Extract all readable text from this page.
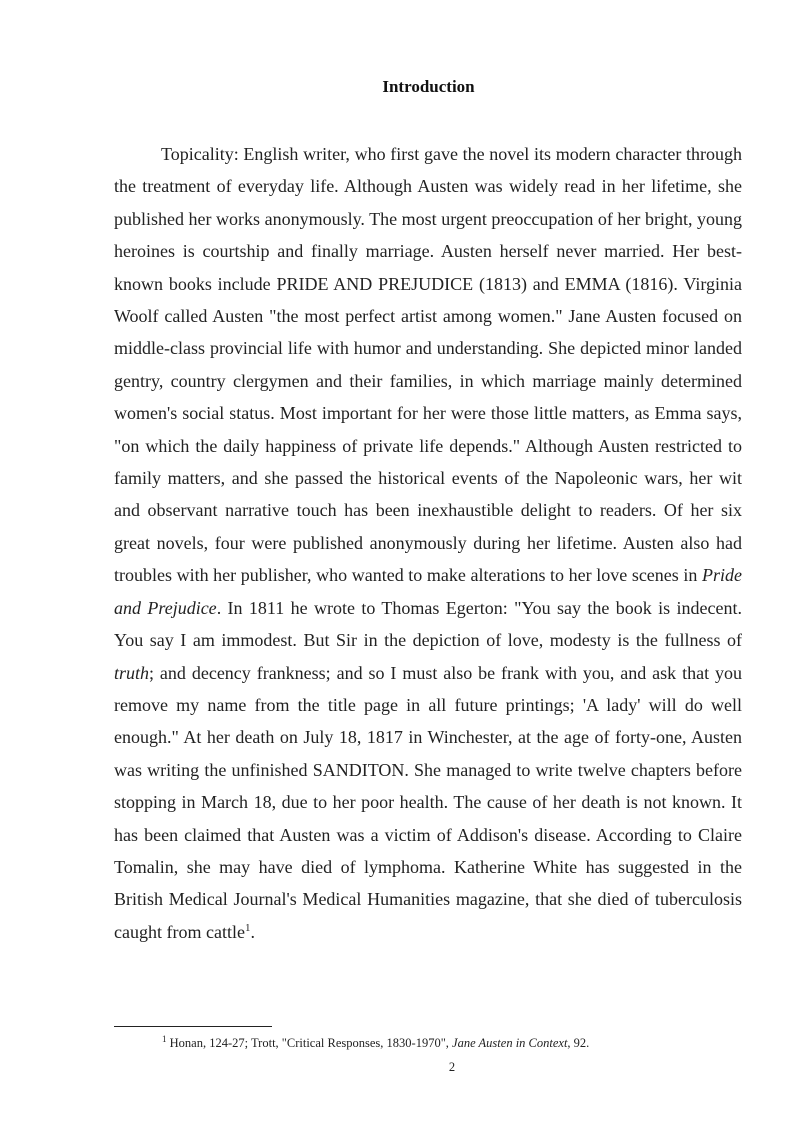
Introduction

Topicality: English writer, who first gave the novel its modern character through the treatment of everyday life. Although Austen was widely read in her lifetime, she published her works anonymously. The most urgent preoccupation of her bright, young heroines is courtship and finally marriage. Austen herself never married. Her best-known books include PRIDE AND PREJUDICE (1813) and EMMA (1816). Virginia Woolf called Austen "the most perfect artist among women." Jane Austen focused on middle-class provincial life with humor and understanding. She depicted minor landed gentry, country clergymen and their families, in which marriage mainly determined women's social status. Most important for her were those little matters, as Emma says, "on which the daily happiness of private life depends." Although Austen restricted to family matters, and she passed the historical events of the Napoleonic wars, her wit and observant narrative touch has been inexhaustible delight to readers. Of her six great novels, four were published anonymously during her lifetime. Austen also had troubles with her publisher, who wanted to make alterations to her love scenes in Pride and Prejudice. In 1811 he wrote to Thomas Egerton: "You say the book is indecent. You say I am immodest. But Sir in the depiction of love, modesty is the fullness of truth; and decency frankness; and so I must also be frank with you, and ask that you remove my name from the title page in all future printings; 'A lady' will do well enough." At her death on July 18, 1817 in Winchester, at the age of forty-one, Austen was writing the unfinished SANDITON. She managed to write twelve chapters before stopping in March 18, due to her poor health. The cause of her death is not known. It has been claimed that Austen was a victim of Addison's disease. According to Claire Tomalin, she may have died of lymphoma. Katherine White has suggested in the British Medical Journal's Medical Humanities magazine, that she died of tuberculosis caught from cattle$^1$.

$^1$ Honan, 124-27; Trott, "Critical Responses, 1830-1970", Jane Austen in Context, 92.

2
